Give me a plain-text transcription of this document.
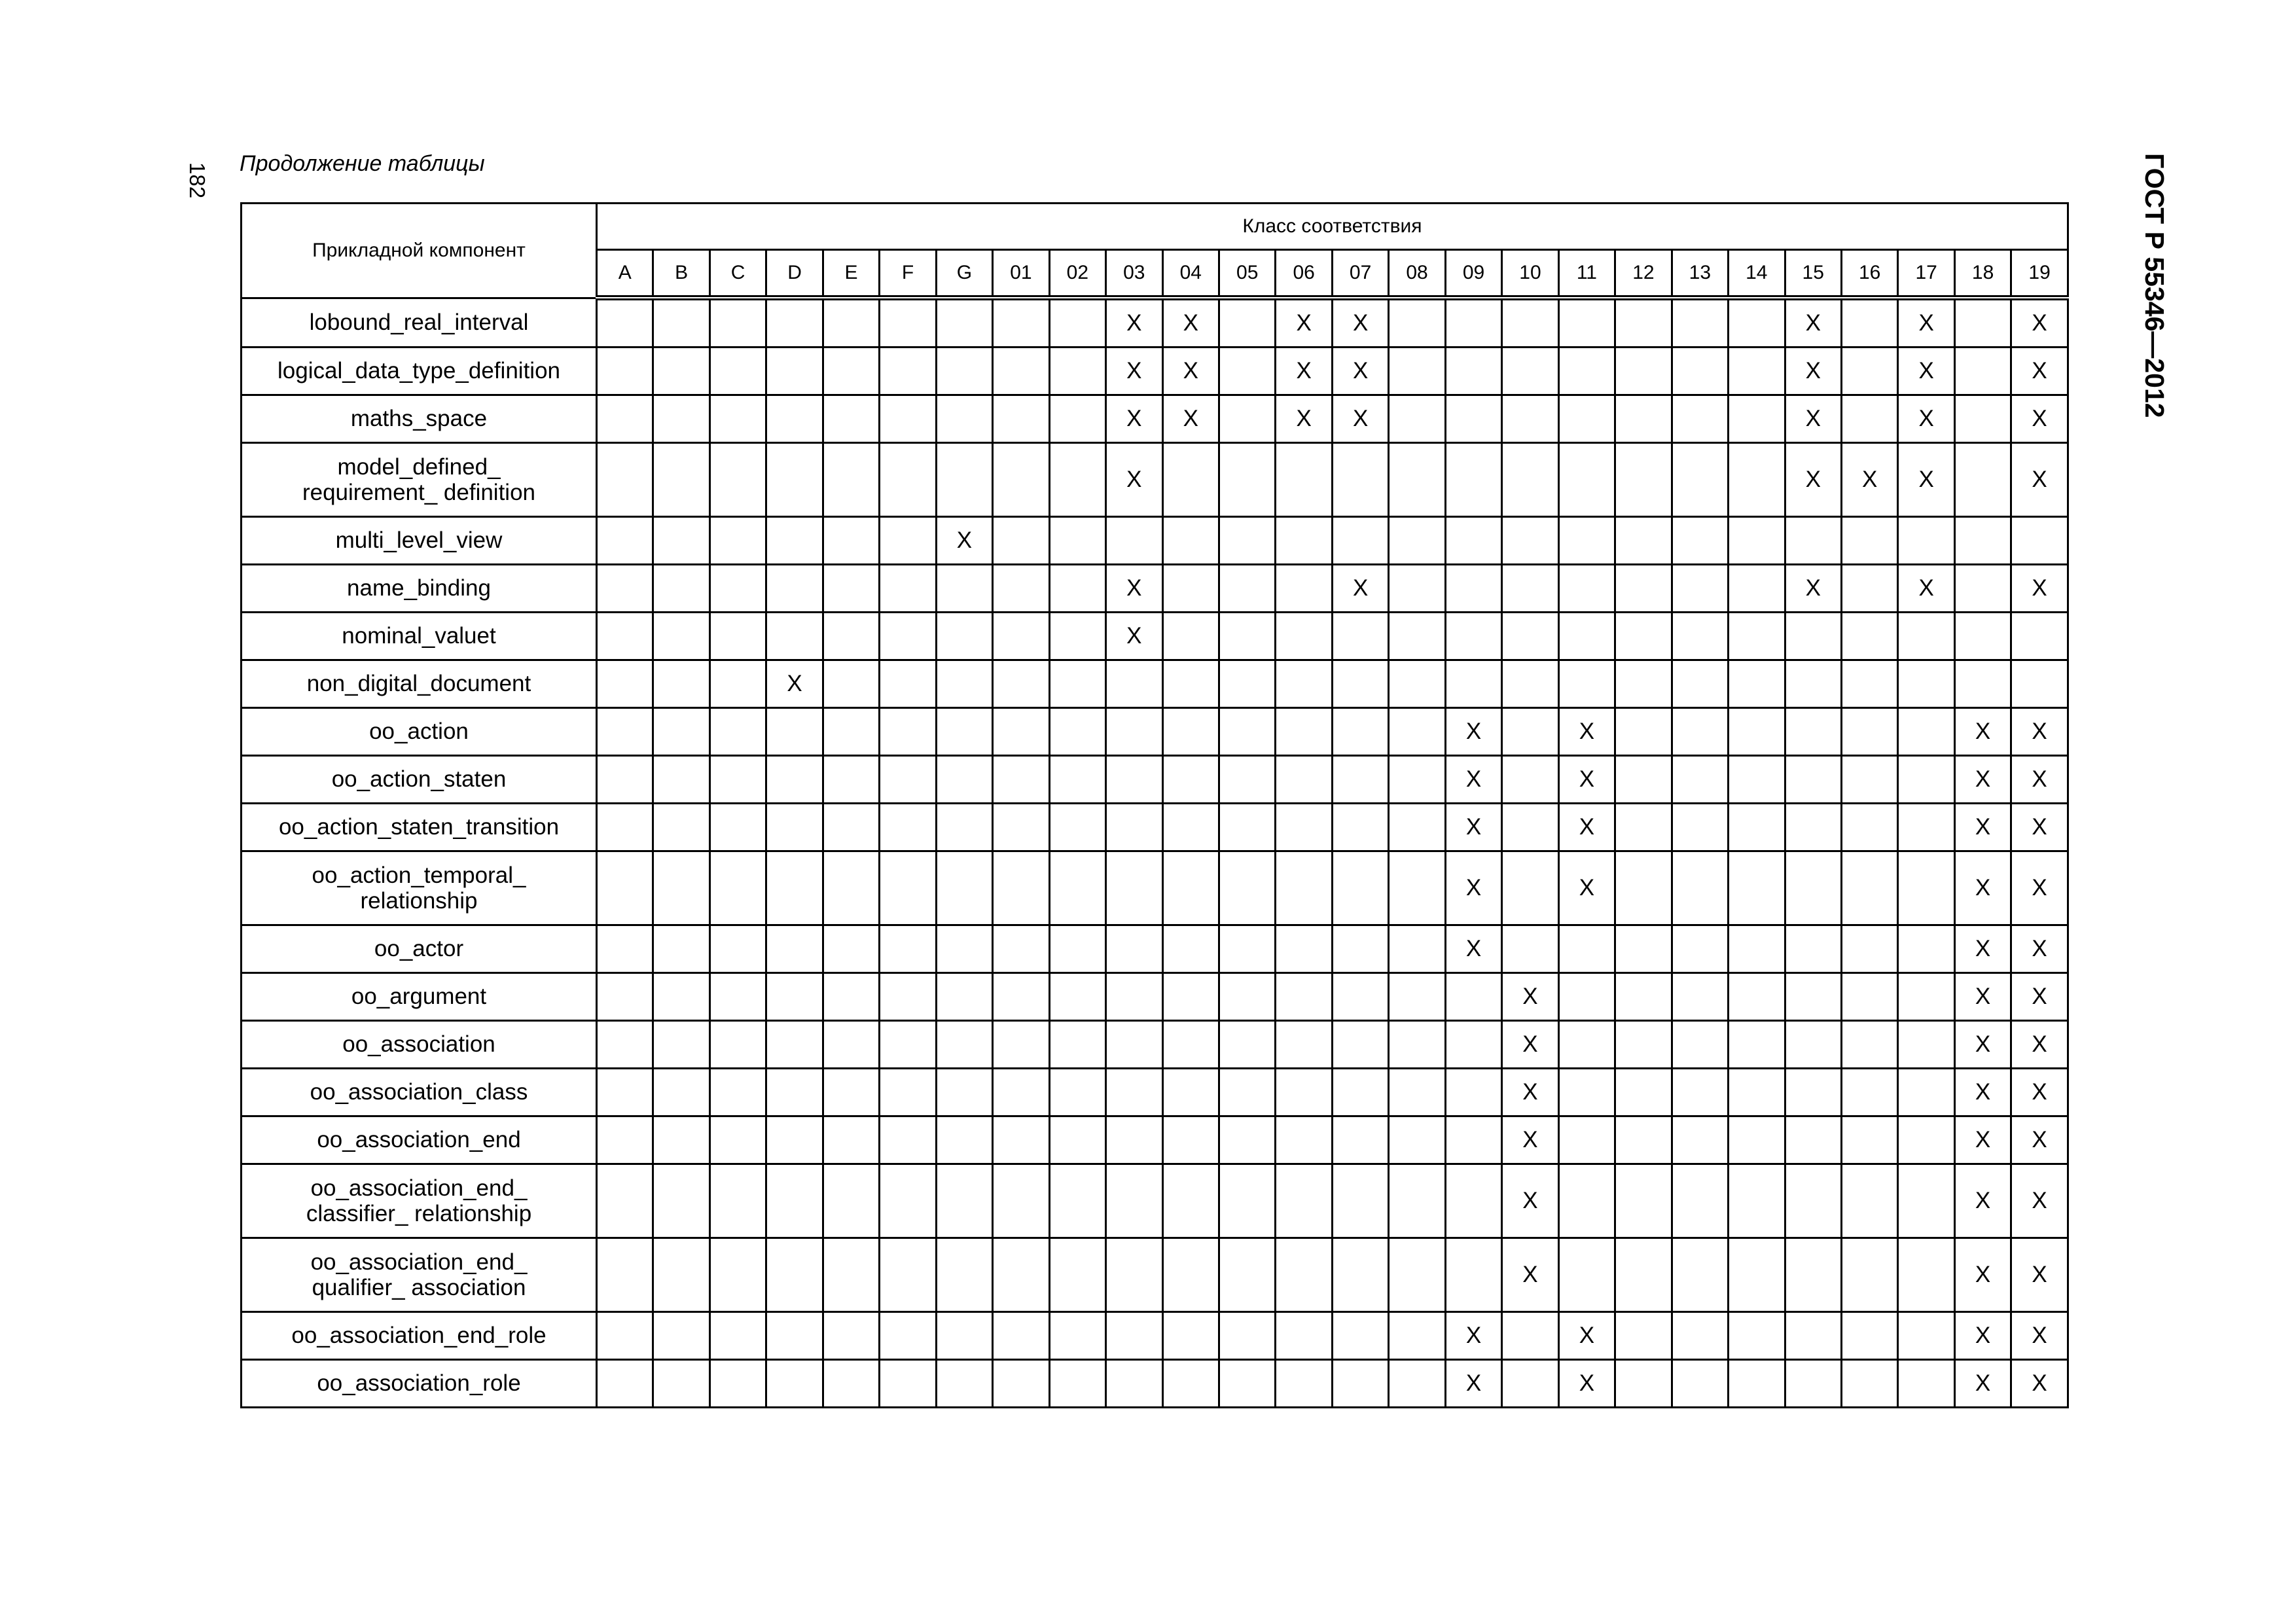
182	ГОСТ Р 55346—2012
Продолжение таблицы
Прикладной компонент	Класс соответствия																									
	A	B	C	D	E	F	G	01	02	03	04	05	06	07	08	09	10	11	12	13	14	15	16	17	18	19
lobound_real_interval										X	X		X	X								X		X		X
logical_data_type_definition										X	X		X	X								X		X		X
maths_space										X	X		X	X								X		X		X
model_defined_
requirement_ definition										X												X	X	X		X
multi_level_view							X																			
name_binding										X				X								X		X		X
nominal_valuet										X																
non_digital_document				X																						
oo_action																X		X							X	X
oo_action_staten																X		X							X	X
oo_action_staten_transition																X		X							X	X
oo_action_temporal_
relationship																X		X							X	X
oo_actor																X									X	X
oo_argument																	X								X	X
oo_association																	X								X	X
oo_association_class																	X								X	X
oo_association_end																	X								X	X
oo_association_end_
classifier_ relationship																	X								X	X
oo_association_end_
qualifier_ association																	X								X	X
oo_association_end_role																X		X							X	X
oo_association_role																X		X							X	X
